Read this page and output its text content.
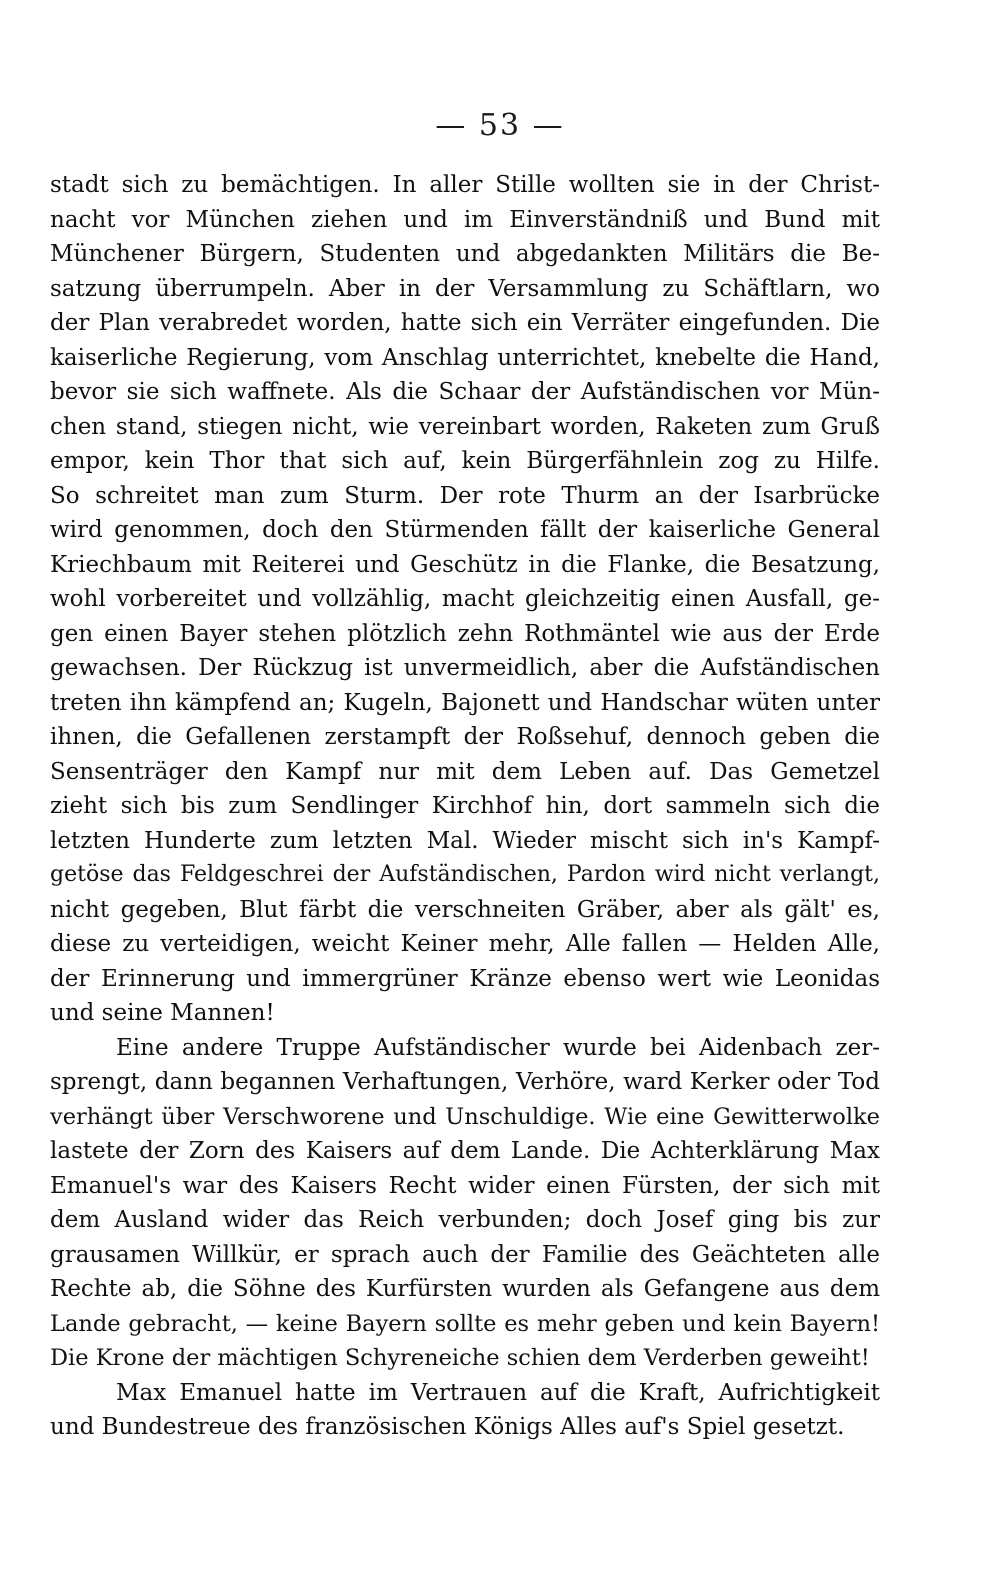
— 53 —
stadt sich zu bemächtigen. In aller Stille wollten sie in der Christ-
nacht vor München ziehen und im Einverständniß und Bund mit
Münchener Bürgern, Studenten und abgedankten Militärs die Be-
satzung überrumpeln. Aber in der Versammlung zu Schäftlarn, wo
der Plan verabredet worden, hatte sich ein Verräter eingefunden. Die
kaiserliche Regierung, vom Anschlag unterrichtet, knebelte die Hand,
bevor sie sich waffnete. Als die Schaar der Aufständischen vor Mün-
chen stand, stiegen nicht, wie vereinbart worden, Raketen zum Gruß
empor, kein Thor that sich auf, kein Bürgerfähnlein zog zu Hilfe.
So schreitet man zum Sturm. Der rote Thurm an der Isarbrücke
wird genommen, doch den Stürmenden fällt der kaiserliche General
Kriechbaum mit Reiterei und Geschütz in die Flanke, die Besatzung,
wohl vorbereitet und vollzählig, macht gleichzeitig einen Ausfall, ge-
gen einen Bayer stehen plötzlich zehn Rothmäntel wie aus der Erde
gewachsen. Der Rückzug ist unvermeidlich, aber die Aufständischen
treten ihn kämpfend an; Kugeln, Bajonett und Handschar wüten unter
ihnen, die Gefallenen zerstampft der Roßsehuf, dennoch geben die
Sensenträger den Kampf nur mit dem Leben auf. Das Gemetzel
zieht sich bis zum Sendlinger Kirchhof hin, dort sammeln sich die
letzten Hunderte zum letzten Mal. Wieder mischt sich in's Kampf-
getöse das Feldgeschrei der Aufständischen, Pardon wird nicht verlangt,
nicht gegeben, Blut färbt die verschneiten Gräber, aber als gält' es,
diese zu verteidigen, weicht Keiner mehr, Alle fallen — Helden Alle,
der Erinnerung und immergrüner Kränze ebenso wert wie Leonidas
und seine Mannen!
Eine andere Truppe Aufständischer wurde bei Aidenbach zer-
sprengt, dann begannen Verhaftungen, Verhöre, ward Kerker oder Tod
verhängt über Verschworene und Unschuldige. Wie eine Gewitterwolke
lastete der Zorn des Kaisers auf dem Lande. Die Achterklärung Max
Emanuel's war des Kaisers Recht wider einen Fürsten, der sich mit
dem Ausland wider das Reich verbunden; doch Josef ging bis zur
grausamen Willkür, er sprach auch der Familie des Geächteten alle
Rechte ab, die Söhne des Kurfürsten wurden als Gefangene aus dem
Lande gebracht, — keine Bayern sollte es mehr geben und kein Bayern!
Die Krone der mächtigen Schyreneiche schien dem Verderben geweiht!
Max Emanuel hatte im Vertrauen auf die Kraft, Aufrichtigkeit
und Bundestreue des französischen Königs Alles auf's Spiel gesetzt.
